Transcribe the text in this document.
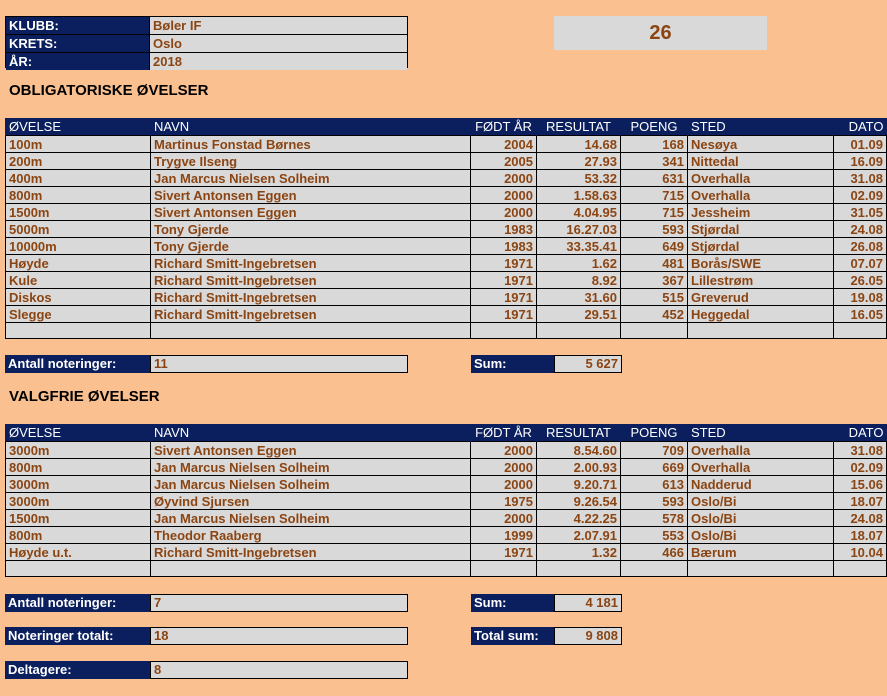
KLUBB:	Bøler IF
KRETS:	Oslo
ÅR:	2018
26
OBLIGATORISKE ØVELSER
ØVELSE	NAVN	FØDT ÅR	RESULTAT	POENG	STED	DATO
100m	Martinus Fonstad Børnes	2004	14.68	168	Nesøya	01.09
200m	Trygve Ilseng	2005	27.93	341	Nittedal	16.09
400m	Jan Marcus Nielsen Solheim	2000	53.32	631	Overhalla	31.08
800m	Sivert Antonsen Eggen	2000	1.58.63	715	Overhalla	02.09
1500m	Sivert Antonsen Eggen	2000	4.04.95	715	Jessheim	31.05
5000m	Tony Gjerde	1983	16.27.03	593	Stjørdal	24.08
10000m	Tony Gjerde	1983	33.35.41	649	Stjørdal	26.08
Høyde	Richard Smitt-Ingebretsen	1971	1.62	481	Borås/SWE	07.07
Kule	Richard Smitt-Ingebretsen	1971	8.92	367	Lillestrøm	26.05
Diskos	Richard Smitt-Ingebretsen	1971	31.60	515	Greverud	19.08
Slegge	Richard Smitt-Ingebretsen	1971	29.51	452	Heggedal	16.05

Antall noteringer:	11	Sum:	5 627
VALGFRIE ØVELSER
ØVELSE	NAVN	FØDT ÅR	RESULTAT	POENG	STED	DATO
3000m	Sivert Antonsen Eggen	2000	8.54.60	709	Overhalla	31.08
800m	Jan Marcus Nielsen Solheim	2000	2.00.93	669	Overhalla	02.09
3000m	Jan Marcus Nielsen Solheim	2000	9.20.71	613	Nadderud	15.06
3000m	Øyvind Sjursen	1975	9.26.54	593	Oslo/Bi	18.07
1500m	Jan Marcus Nielsen Solheim	2000	4.22.25	578	Oslo/Bi	24.08
800m	Theodor Raaberg	1999	2.07.91	553	Oslo/Bi	18.07
Høyde u.t.	Richard Smitt-Ingebretsen	1971	1.32	466	Bærum	10.04

Antall noteringer:	7	Sum:	4 181
Noteringer totalt:	18	Total sum:	9 808
Deltagere:	8
